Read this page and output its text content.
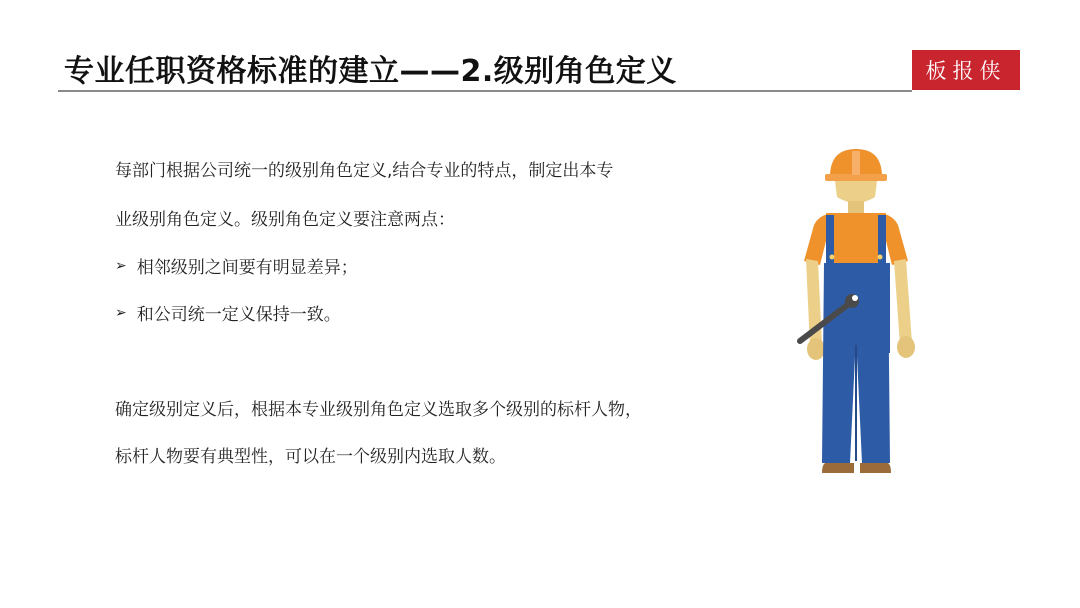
专业任职资格标准的建立——2.级别角色定义	板报侠
每部门根据公司统一的级别角色定义,结合专业的特点，制定出本专
业级别角色定义。级别角色定义要注意两点：
➢ 相邻级别之间要有明显差异；
➢ 和公司统一定义保持一致。
确定级别定义后，根据本专业级别角色定义选取多个级别的标杆人物，
标杆人物要有典型性，可以在一个级别内选取人数。
